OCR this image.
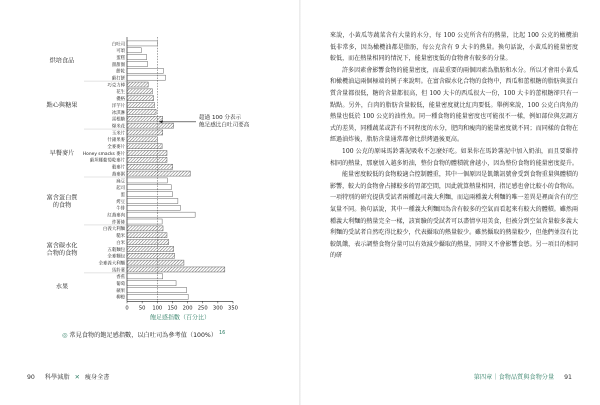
烘培食品
點心與糖果
早餐麥片
富含蛋白質
的食物
富含碳水化
合物的食物
水果
白吐司
可頌
蛋糕
甜甜圈
餅乾
蘇打餅
巧克力棒
花生
優格
洋芋片
冰淇淋
雷根糖
爆米花
玉米片
什錦果麥
全麥麥片
Honey smacks 麥片
蘇坦娜葡萄乾麥片
穀麥片
燕麥粥
扁豆
起司
蛋
烤豆
牛排
紅燕麥肉
炸薯條
白義大利麵
糙米
白米
五穀麵包
全麥麵包
全麥義大利麵
馬鈴薯
香蕉
葡萄
蘋果
柳橙
0 50 100 150 200 250 300 350
飽足感指數（百分比）
超過 100 分表示
飽足感比白吐司要高
◎ 常見食物的飽足感指數，以白吐司為參考值（100%） $^{16}$
90 科學減脂 ✕ 瘦身全書

來說，小黃瓜等蔬菜含有大量的水分，每 100 公克所含有的熱量，比起 100 公克的橄欖油低非常多，因為橄欖油都是脂肪，每公克含有 9 大卡的熱量。換句話說，小黃瓜的能量密度較低，而在熱量相同的情況下，能量密度低的食物會有較多的分量。

許多因素會影響食物的能量密度，而最重要的兩個因素為脂肪和水分。所以才會用小黃瓜和橄欖油這兩個極端的例子來說明。在富含碳水化合物的食物中，西瓜和蕾根糖的脂肪與蛋白質含量都很低，糖的含量都很高，但 100 大卡的西瓜很大一份，100 大卡的蕾根糖卻只有一點點。另外，白肉的脂肪含量較低，能量密度就比紅肉要低。舉例來說，100 公克白肉魚的熱量也低於 100 公克的油性魚。同一種食物的能量密度也可能很不一樣，例如部位與烹調方式的差異，同種蔬菜或許有不同程度的水分，肥肉和瘦肉的能量密度就不同；而同樣的食物在經過油炸後，脂肪含量通常都會比烘烤過後更高。

100 公克的原味馬鈴薯泥吸收不怎麼好吃。如果你在馬鈴薯泥中加入奶油，而且要維持相同的熱量，那麼加入越多奶油，整份食物的體積就會越小，因為整份食物的能量密度提升。

能量密度較低的食物較適合控制體重，其中一個原因是飢餓訊號會受到食物重量與體積的影響，較大的食物會占據較多的胃部空間，因此就算熱量相同，指足感也會比較小的食物高。一項特別的研究提供受試者兩種起司義大利麵，而這兩種義大利麵的唯一差異是裡面含有的空氣量不同。換句話說，其中一種義大利麵因為含有較多的空氣而看起來有較大的體積。雖然兩種義大利麵的熱量完全一樣，該實驗的受試者可以盡情享用美食，但被分到空氣含量較多義大利麵的受試者自然吃得比較少，代表攝取的熱量較少。雖然攝取的熱量較少，但他們並沒有比較飢餓，表示調整食物分量可以有效減少攝取的熱量，同時又不會影響食慾。另一項目的相同的研

第四章｜食物品質與食物分量 91
